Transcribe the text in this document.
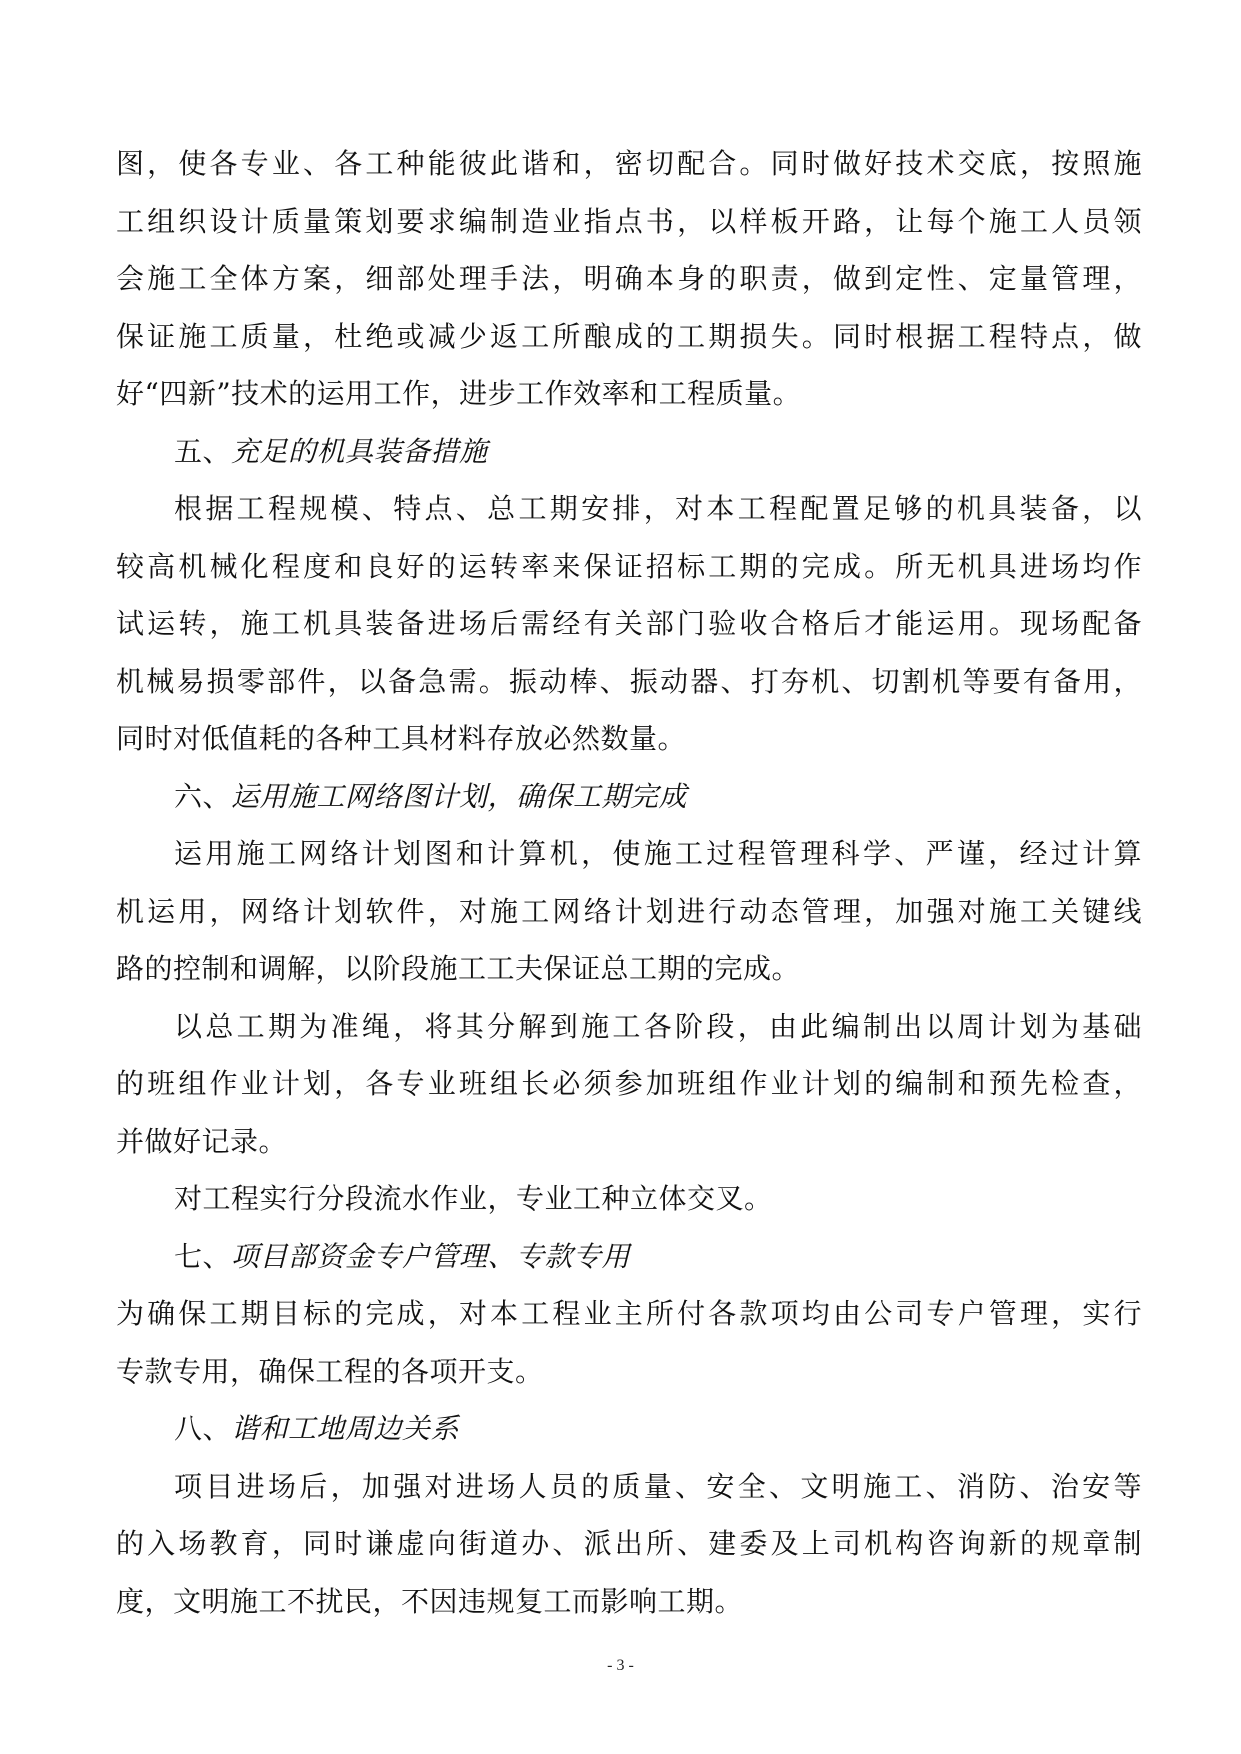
图，使各专业、各工种能彼此谐和，密切配合。同时做好技术交底，按照施
工组织设计质量策划要求编制造业指点书，以样板开路，让每个施工人员领
会施工全体方案，细部处理手法，明确本身的职责，做到定性、定量管理，
保证施工质量，杜绝或减少返工所酿成的工期损失。同时根据工程特点，做
好“四新”技术的运用工作，进步工作效率和工程质量。
五、充足的机具装备措施
根据工程规模、特点、总工期安排，对本工程配置足够的机具装备，以
较高机械化程度和良好的运转率来保证招标工期的完成。所无机具进场均作
试运转，施工机具装备进场后需经有关部门验收合格后才能运用。现场配备
机械易损零部件，以备急需。振动棒、振动器、打夯机、切割机等要有备用，
同时对低值耗的各种工具材料存放必然数量。
六、运用施工网络图计划，确保工期完成
运用施工网络计划图和计算机，使施工过程管理科学、严谨，经过计算
机运用，网络计划软件，对施工网络计划进行动态管理，加强对施工关键线
路的控制和调解，以阶段施工工夫保证总工期的完成。
以总工期为准绳，将其分解到施工各阶段，由此编制出以周计划为基础
的班组作业计划，各专业班组长必须参加班组作业计划的编制和预先检查，
并做好记录。
对工程实行分段流水作业，专业工种立体交叉。
七、项目部资金专户管理、专款专用
为确保工期目标的完成，对本工程业主所付各款项均由公司专户管理，实行
专款专用，确保工程的各项开支。
八、谐和工地周边关系
项目进场后，加强对进场人员的质量、安全、文明施工、消防、治安等
的入场教育，同时谦虚向街道办、派出所、建委及上司机构咨询新的规章制
度，文明施工不扰民，不因违规复工而影响工期。
- 3 -
